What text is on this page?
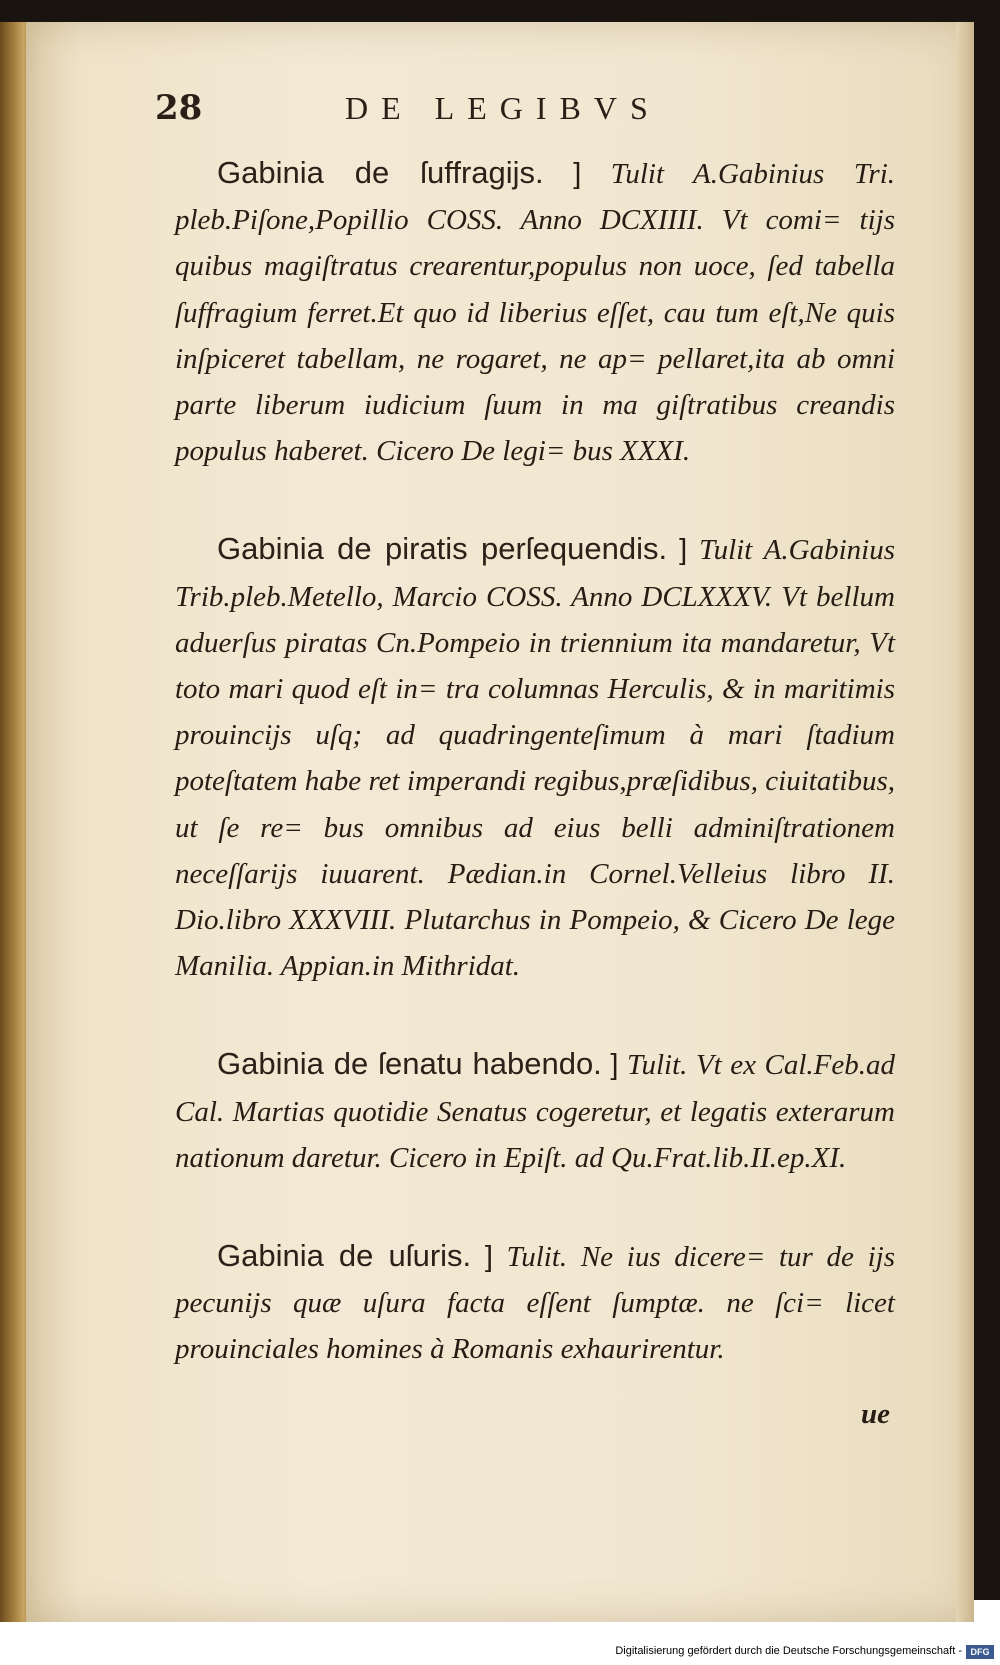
28	DE LEGIBVS

Gabinia de ſuffragijs. ] Tulit A.Gabinius Tri. pleb.Piſone,Popillio COSS. Anno DCXIIII. Vt comi= tijs quibus magiſtratus crearentur,populus non uoce, ſed tabella ſuffragium ferret.Et quo id liberius eſſet, cau tum eſt,Ne quis inſpiceret tabellam, ne rogaret, ne ap= pellaret,ita ab omni parte liberum iudicium ſuum in ma giſtratibus creandis populus haberet. Cicero De legi= bus XXXI.

Gabinia de piratis perſequendis. ] Tulit A.Gabinius Trib.pleb.Metello, Marcio COSS. Anno DCLXXXV. Vt bellum aduerſus piratas Cn.Pompeio in triennium ita mandaretur, Vt toto mari quod eſt in= tra columnas Herculis, & in maritimis prouincijs uſq; ad quadringenteſimum à mari ſtadium poteſtatem habe ret imperandi regibus,præſidibus, ciuitatibus, ut ſe re= bus omnibus ad eius belli adminiſtrationem neceſſarijs iuuarent. Pædian.in Cornel.Velleius libro II. Dio.libro XXXVIII. Plutarchus in Pompeio, & Cicero De lege Manilia. Appian.in Mithridat.

Gabinia de ſenatu habendo. ] Tulit. Vt ex Cal.Feb.ad Cal. Martias quotidie Senatus cogeretur, et legatis exterarum nationum daretur. Cicero in Epiſt. ad Qu.Frat.lib.II.ep.XI.

Gabinia de uſuris. ] Tulit. Ne ius dicere= tur de ijs pecunijs quæ uſura facta eſſent ſumptæ. ne ſci= licet prouinciales homines à Romanis exhaurirentur.

ue
Digitalisierung gefördert durch die Deutsche Forschungsgemeinschaft - DFG
